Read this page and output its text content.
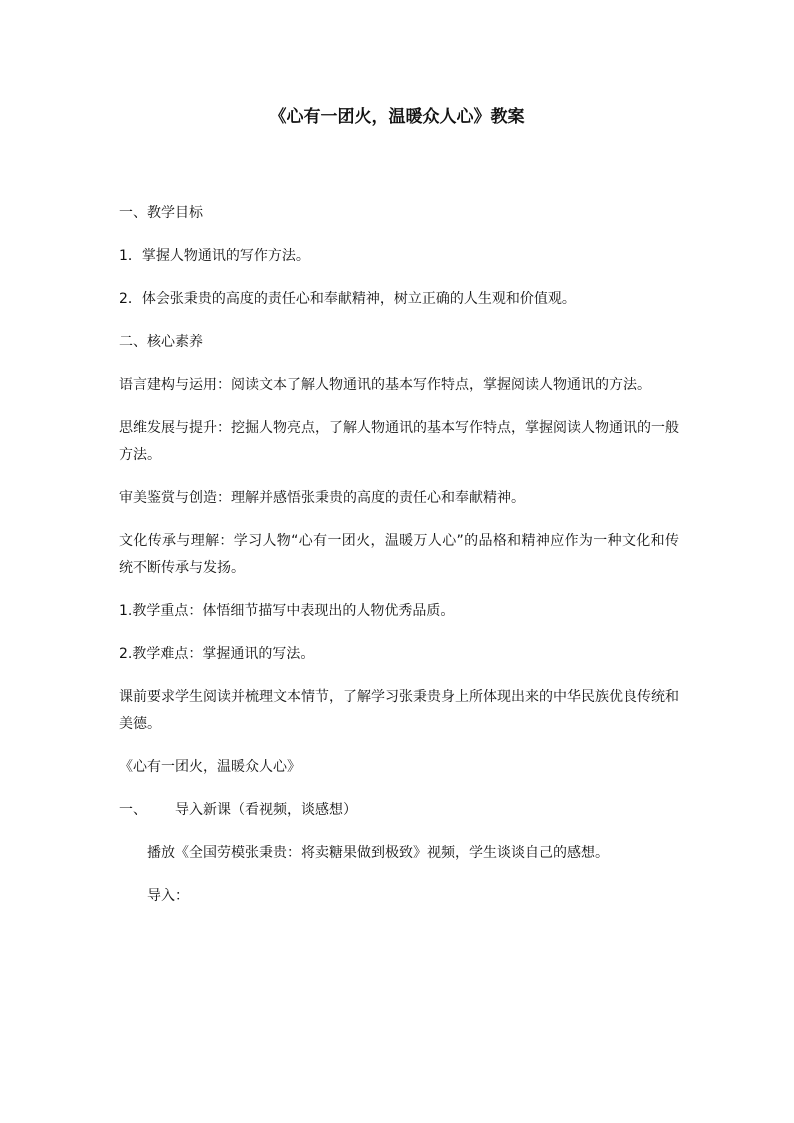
《心有一团火，温暖众人心》教案

一、教学目标

1．掌握人物通讯的写作方法。

2．体会张秉贵的高度的责任心和奉献精神，树立正确的人生观和价值观。

二、核心素养

语言建构与运用：阅读文本了解人物通讯的基本写作特点，掌握阅读人物通讯的方法。

思维发展与提升：挖掘人物亮点，了解人物通讯的基本写作特点，掌握阅读人物通讯的一般方法。

审美鉴赏与创造：理解并感悟张秉贵的高度的责任心和奉献精神。

文化传承与理解：学习人物“心有一团火，温暖万人心”的品格和精神应作为一种文化和传统不断传承与发扬。

1.教学重点：体悟细节描写中表现出的人物优秀品质。

2.教学难点：掌握通讯的写法。

课前要求学生阅读并梳理文本情节，了解学习张秉贵身上所体现出来的中华民族优良传统和美德。

《心有一团火，温暖众人心》

一、	导入新课（看视频，谈感想）

播放《全国劳模张秉贵：将卖糖果做到极致》视频，学生谈谈自己的感想。

导入：
